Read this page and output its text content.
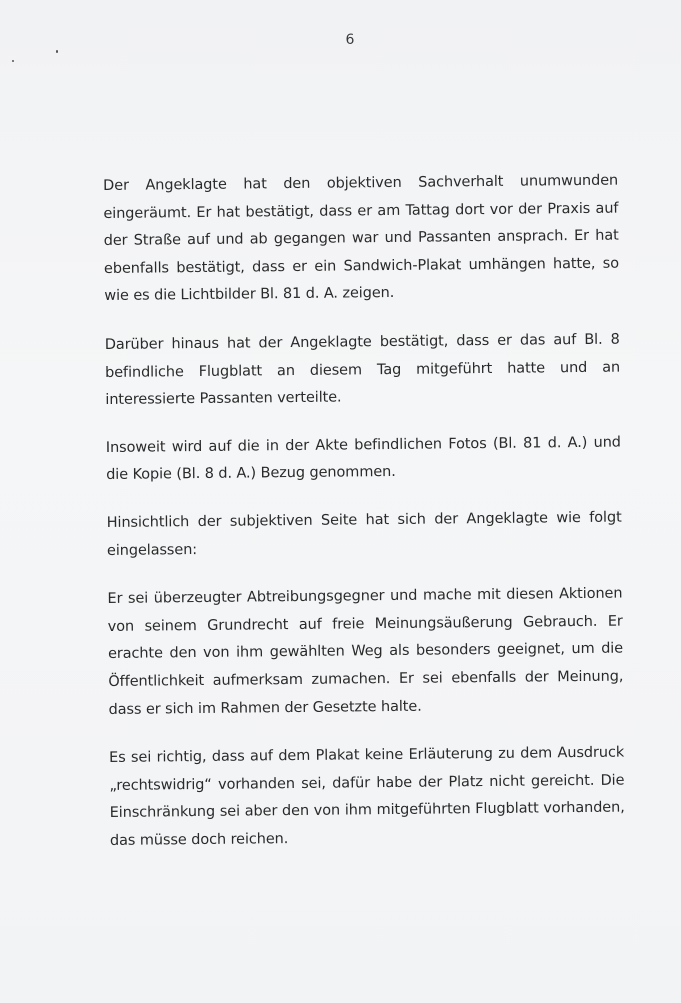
6

Der Angeklagte hat den objektiven Sachverhalt unumwunden eingeräumt. Er hat bestätigt, dass er am Tattag dort vor der Praxis auf der Straße auf und ab gegangen war und Passanten ansprach. Er hat ebenfalls bestätigt, dass er ein Sandwich-Plakat umhängen hatte, so wie es die Lichtbilder Bl. 81 d. A. zeigen.

Darüber hinaus hat der Angeklagte bestätigt, dass er das auf Bl. 8 befindliche Flugblatt an diesem Tag mitgeführt hatte und an interessierte Passanten verteilte.

Insoweit wird auf die in der Akte befindlichen Fotos (Bl. 81 d. A.) und die Kopie (Bl. 8 d. A.) Bezug genommen.

Hinsichtlich der subjektiven Seite hat sich der Angeklagte wie folgt eingelassen:

Er sei überzeugter Abtreibungsgegner und mache mit diesen Aktionen von seinem Grundrecht auf freie Meinungsäußerung Gebrauch. Er erachte den von ihm gewählten Weg als besonders geeignet, um die Öffentlichkeit aufmerksam zumachen. Er sei ebenfalls der Meinung, dass er sich im Rahmen der Gesetzte halte.

Es sei richtig, dass auf dem Plakat keine Erläuterung zu dem Ausdruck „rechtswidrig“ vorhanden sei, dafür habe der Platz nicht gereicht. Die Einschränkung sei aber den von ihm mitgeführten Flugblatt vorhanden, das müsse doch reichen.
